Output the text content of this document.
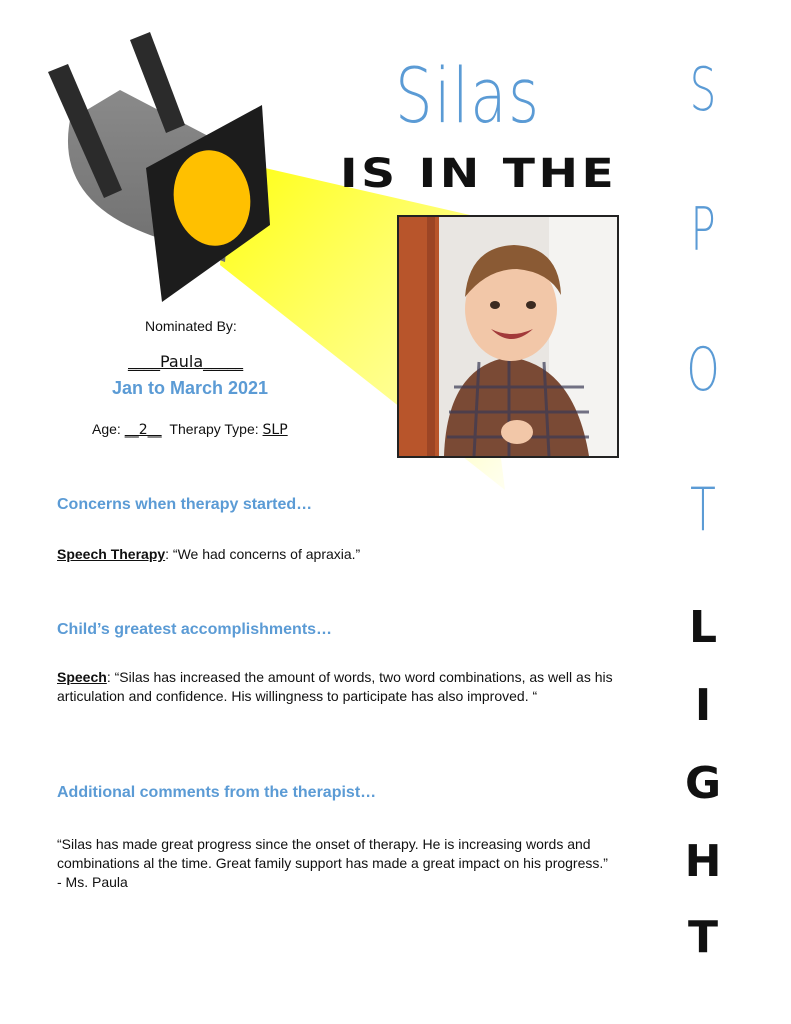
Silas
IS IN THE
Nominated By:
____Paula_____
Jan to March 2021
Age: __2__ Therapy Type: SLP
Concerns when therapy started…
Speech Therapy: “We had concerns of apraxia.”
Child’s greatest accomplishments…
Speech: “Silas has increased the amount of words, two word combinations, as well as his articulation and confidence. His willingness to participate has also improved. “
Additional comments from the therapist…
“Silas has made great progress since the onset of therapy. He is increasing words and combinations al the time. Great family support has made a great impact on his progress.”
- Ms. Paula
S
P
O
T
L
I
G
H
T
